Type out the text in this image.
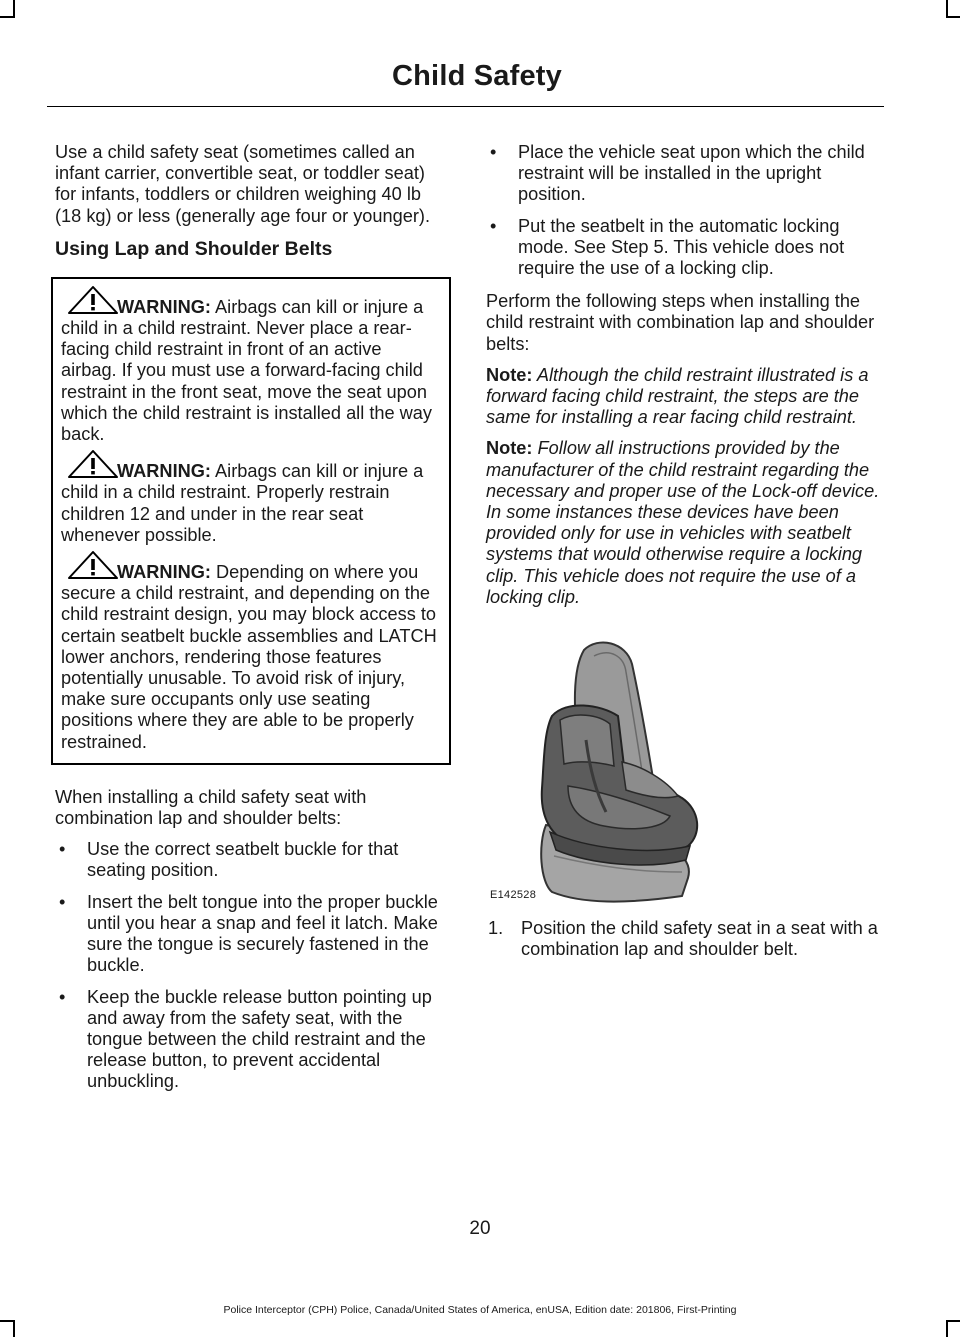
Child Safety

Use a child safety seat (sometimes called an infant carrier, convertible seat, or toddler seat) for infants, toddlers or children weighing 40 lb (18 kg) or less (generally age four or younger).

Using Lap and Shoulder Belts
WARNING: Airbags can kill or injure a child in a child restraint. Never place a rear-facing child restraint in front of an active airbag. If you must use a forward-facing child restraint in the front seat, move the seat upon which the child restraint is installed all the way back.
WARNING: Airbags can kill or injure a child in a child restraint. Properly restrain children 12 and under in the rear seat whenever possible.
WARNING: Depending on where you secure a child restraint, and depending on the child restraint design, you may block access to certain seatbelt buckle assemblies and LATCH lower anchors, rendering those features potentially unusable. To avoid risk of injury, make sure occupants only use seating positions where they are able to be properly restrained.

When installing a child safety seat with combination lap and shoulder belts:

• Use the correct seatbelt buckle for that seating position.
• Insert the belt tongue into the proper buckle until you hear a snap and feel it latch. Make sure the tongue is securely fastened in the buckle.
• Keep the buckle release button pointing up and away from the safety seat, with the tongue between the child restraint and the release button, to prevent accidental unbuckling.
• Place the vehicle seat upon which the child restraint will be installed in the upright position.
• Put the seatbelt in the automatic locking mode. See Step 5. This vehicle does not require the use of a locking clip.

Perform the following steps when installing the child restraint with combination lap and shoulder belts:

Note: Although the child restraint illustrated is a forward facing child restraint, the steps are the same for installing a rear facing child restraint.

Note: Follow all instructions provided by the manufacturer of the child restraint regarding the necessary and proper use of the Lock-off device. In some instances these devices have been provided only for use in vehicles with seatbelt systems that would otherwise require a locking clip. This vehicle does not require the use of a locking clip.

E142528
1. Position the child safety seat in a seat with a combination lap and shoulder belt.
20
Police Interceptor (CPH) Police, Canada/United States of America, enUSA, Edition date: 201806, First-Printing
